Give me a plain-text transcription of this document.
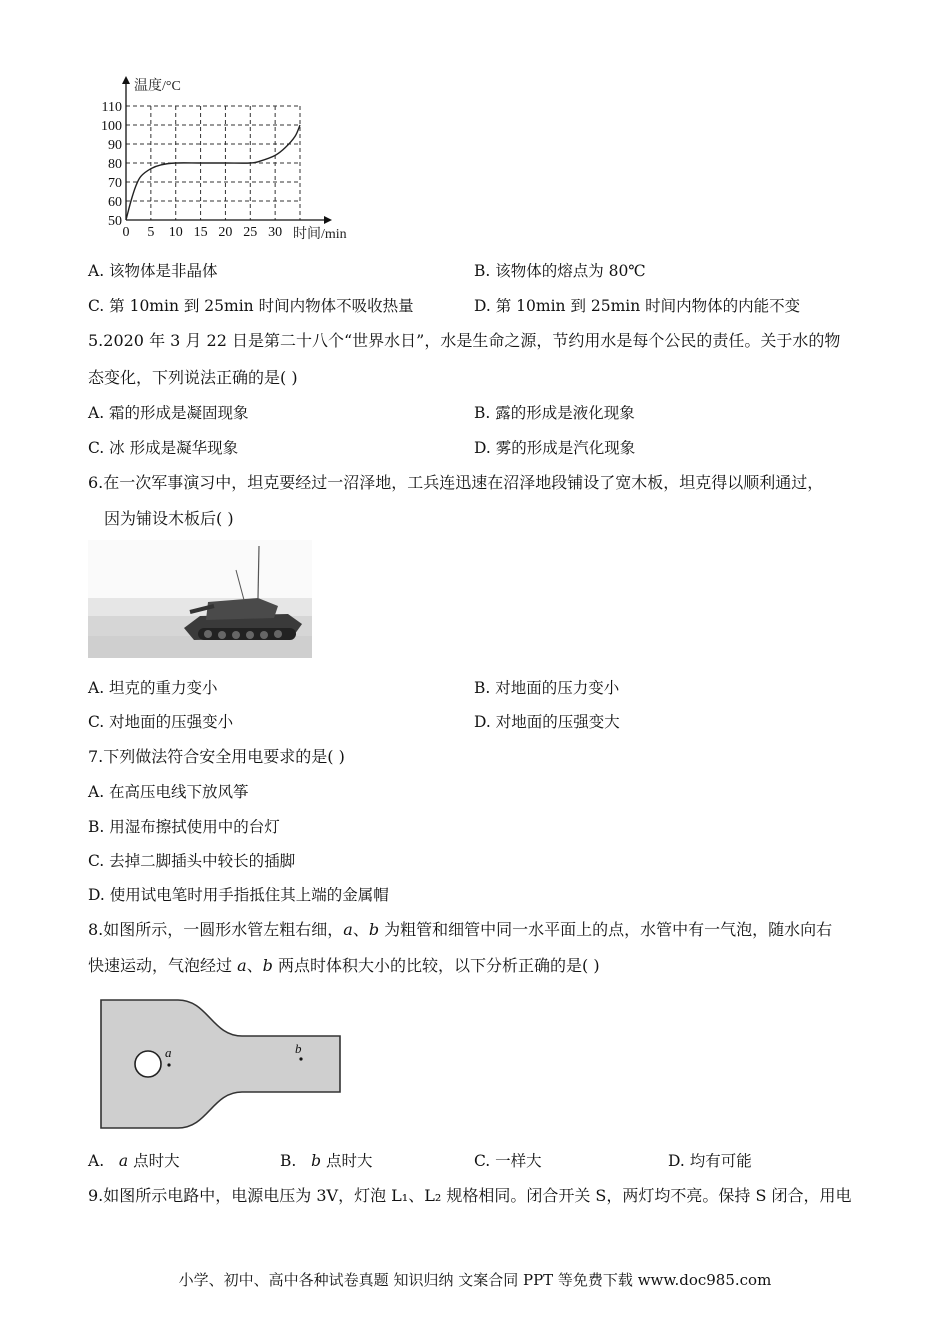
110
100
90
80
70
60
50
0 5 10 15 20 25 30
温度/°C
时间/min
A. 该物体是非晶体	B. 该物体的熔点为 80℃
C. 第 10min 到 25min 时间内物体不吸收热量	D. 第 10min 到 25min 时间内物体的内能不变
5.2020 年 3 月 22 日是第二十八个“世界水日”，水是生命之源，节约用水是每个公民的责任。关于水的物
态变化，下列说法正确的是( )
A. 霜的形成是凝固现象	B. 露的形成是液化现象
C. 冰 形成是凝华现象	D. 雾的形成是汽化现象
6.在一次军事演习中，坦克要经过一沼泽地，工兵连迅速在沼泽地段铺设了宽木板，坦克得以顺利通过，
因为铺设木板后( )
A. 坦克的重力变小	B. 对地面的压力变小
C. 对地面的压强变小	D. 对地面的压强变大
7.下列做法符合安全用电要求的是( )
A. 在高压电线下放风筝
B. 用湿布擦拭使用中的台灯
C. 去掉二脚插头中较长的插脚
D. 使用试电笔时用手指抵住其上端的金属帽
8.如图所示，一圆形水管左粗右细，a、b 为粗管和细管中同一水平面上的点，水管中有一气泡，随水向右
快速运动，气泡经过 a、b 两点时体积大小的比较，以下分析正确的是( )
a	b
A. a 点时大	B. b 点时大	C. 一样大	D. 均有可能
9.如图所示电路中，电源电压为 3V，灯泡 L₁、L₂ 规格相同。闭合开关 S，两灯均不亮。保持 S 闭合，用电
小学、初中、高中各种试卷真题 知识归纳 文案合同 PPT 等免费下载 www.doc985.com
